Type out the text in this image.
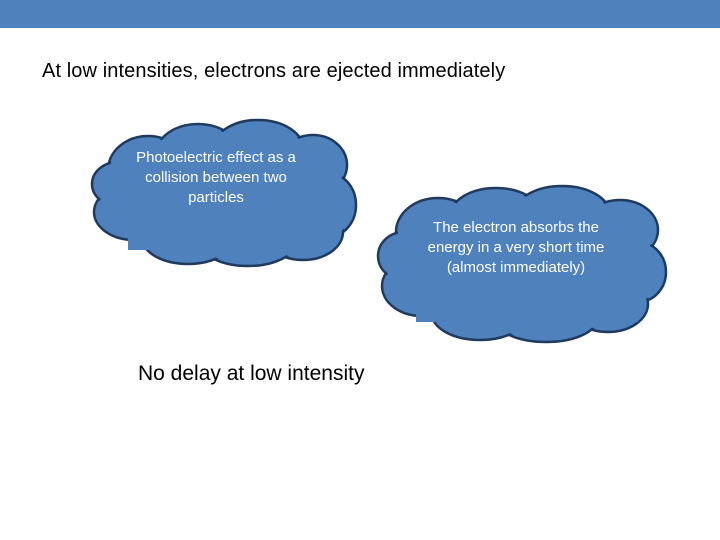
At low intensities, electrons are ejected immediately
Photoelectric effect as a collision between two particles
The electron absorbs the energy in a very short time (almost immediately)
No delay at low intensity
